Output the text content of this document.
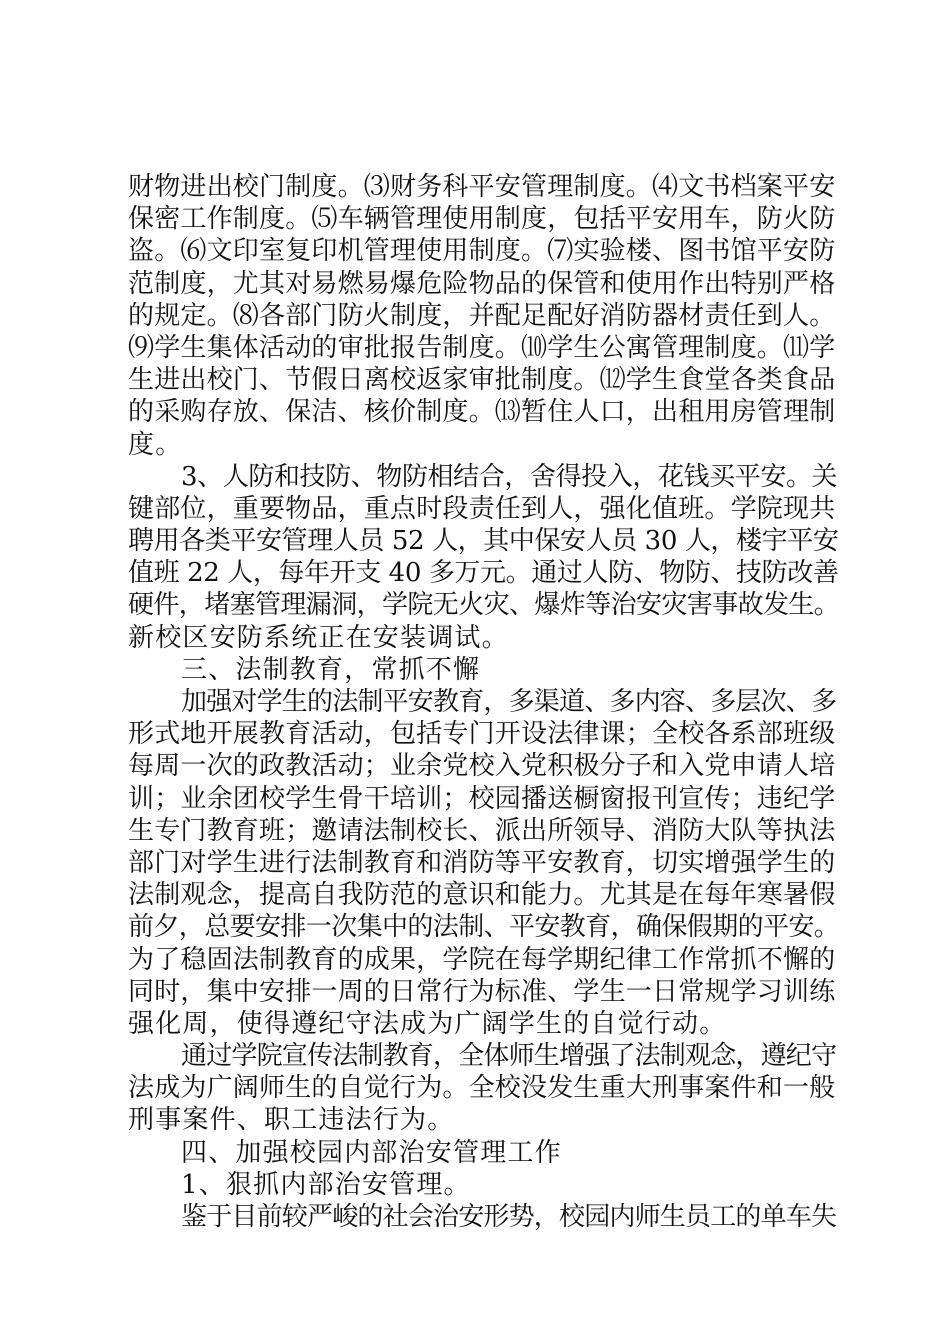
财物进出校门制度。⑶财务科平安管理制度。⑷文书档案平安
保密工作制度。⑸车辆管理使用制度，包括平安用车，防火防
盗。⑹文印室复印机管理使用制度。⑺实验楼、图书馆平安防
范制度，尤其对易燃易爆危险物品的保管和使用作出特别严格
的规定。⑻各部门防火制度，并配足配好消防器材责任到人。
⑼学生集体活动的审批报告制度。⑽学生公寓管理制度。⑾学
生进出校门、节假日离校返家审批制度。⑿学生食堂各类食品
的采购存放、保洁、核价制度。⒀暂住人口，出租用房管理制
度。
3、人防和技防、物防相结合，舍得投入，花钱买平安。关
键部位，重要物品，重点时段责任到人，强化值班。学院现共
聘用各类平安管理人员 52 人，其中保安人员 30 人，楼宇平安
值班 22 人，每年开支 40 多万元。通过人防、物防、技防改善
硬件，堵塞管理漏洞，学院无火灾、爆炸等治安灾害事故发生。
新校区安防系统正在安装调试。
三、法制教育，常抓不懈
加强对学生的法制平安教育，多渠道、多内容、多层次、多
形式地开展教育活动，包括专门开设法律课；全校各系部班级
每周一次的政教活动；业余党校入党积极分子和入党申请人培
训；业余团校学生骨干培训；校园播送橱窗报刊宣传；违纪学
生专门教育班；邀请法制校长、派出所领导、消防大队等执法
部门对学生进行法制教育和消防等平安教育，切实增强学生的
法制观念，提高自我防范的意识和能力。尤其是在每年寒暑假
前夕，总要安排一次集中的法制、平安教育，确保假期的平安。
为了稳固法制教育的成果，学院在每学期纪律工作常抓不懈的
同时，集中安排一周的日常行为标准、学生一日常规学习训练
强化周，使得遵纪守法成为广阔学生的自觉行动。
通过学院宣传法制教育，全体师生增强了法制观念，遵纪守
法成为广阔师生的自觉行为。全校没发生重大刑事案件和一般
刑事案件、职工违法行为。
四、加强校园内部治安管理工作
1、狠抓内部治安管理。
鉴于目前较严峻的社会治安形势，校园内师生员工的单车失
